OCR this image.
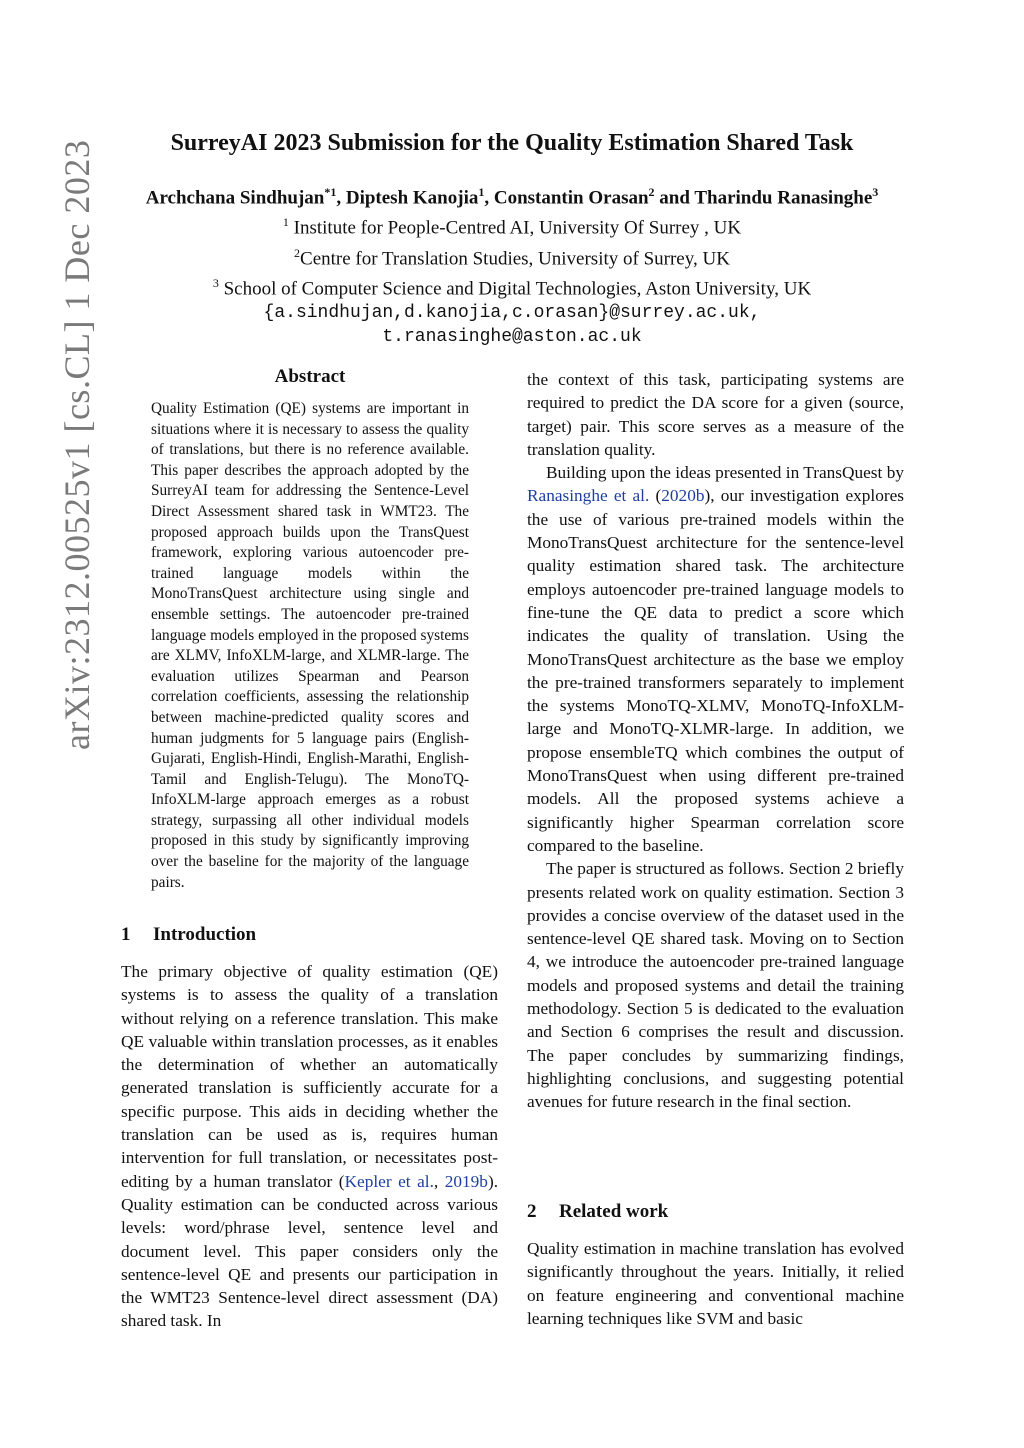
arXiv:2312.00525v1 [cs.CL] 1 Dec 2023	SurreyAI 2023 Submission for the Quality Estimation Shared Task
Archchana Sindhujan$^{*1}$, Diptesh Kanojia$^1$, Constantin Orasan$^2$ and Tharindu Ranasinghe$^3$
$^1$ Institute for People-Centred AI, University Of Surrey , UK
$^2$Centre for Translation Studies, University of Surrey, UK
$^3$ School of Computer Science and Digital Technologies, Aston University, UK
{a.sindhujan,d.kanojia,c.orasan}@surrey.ac.uk,
t.ranasinghe@aston.ac.uk
Abstract
Quality Estimation (QE) systems are important in situations where it is necessary to assess the quality of translations, but there is no reference available. This paper describes the approach adopted by the SurreyAI team for addressing the Sentence-Level Direct Assessment shared task in WMT23. The proposed approach builds upon the TransQuest framework, exploring various autoencoder pre-trained language models within the MonoTransQuest architecture using single and ensemble settings. The autoencoder pre-trained language models employed in the proposed systems are XLMV, InfoXLM-large, and XLMR-large. The evaluation utilizes Spearman and Pearson correlation coefficients, assessing the relationship between machine-predicted quality scores and human judgments for 5 language pairs (English-Gujarati, English-Hindi, English-Marathi, English-Tamil and English-Telugu). The MonoTQ-InfoXLM-large approach emerges as a robust strategy, surpassing all other individual models proposed in this study by significantly improving over the baseline for the majority of the language pairs.
1 Introduction

The primary objective of quality estimation (QE) systems is to assess the quality of a translation without relying on a reference translation. This make QE valuable within translation processes, as it enables the determination of whether an automatically generated translation is sufficiently accurate for a specific purpose. This aids in deciding whether the translation can be used as is, requires human intervention for full translation, or necessitates post-editing by a human translator (Kepler et al., 2019b). Quality estimation can be conducted across various levels: word/phrase level, sentence level and document level. This paper considers only the sentence-level QE and presents our participation in the WMT23 Sentence-level direct assessment (DA) shared task. In

the context of this task, participating systems are required to predict the DA score for a given (source, target) pair. This score serves as a measure of the translation quality.

Building upon the ideas presented in TransQuest by Ranasinghe et al. (2020b), our investigation explores the use of various pre-trained models within the MonoTransQuest architecture for the sentence-level quality estimation shared task. The architecture employs autoencoder pre-trained language models to fine-tune the QE data to predict a score which indicates the quality of translation. Using the MonoTransQuest architecture as the base we employ the pre-trained transformers separately to implement the systems MonoTQ-XLMV, MonoTQ-InfoXLM-large and MonoTQ-XLMR-large. In addition, we propose ensembleTQ which combines the output of MonoTransQuest when using different pre-trained models. All the proposed systems achieve a significantly higher Spearman correlation score compared to the baseline.

The paper is structured as follows. Section 2 briefly presents related work on quality estimation. Section 3 provides a concise overview of the dataset used in the sentence-level QE shared task. Moving on to Section 4, we introduce the autoencoder pre-trained language models and proposed systems and detail the training methodology. Section 5 is dedicated to the evaluation and Section 6 comprises the result and discussion. The paper concludes by summarizing findings, highlighting conclusions, and suggesting potential avenues for future research in the final section.

2 Related work

Quality estimation in machine translation has evolved significantly throughout the years. Initially, it relied on feature engineering and conventional machine learning techniques like SVM and basic
